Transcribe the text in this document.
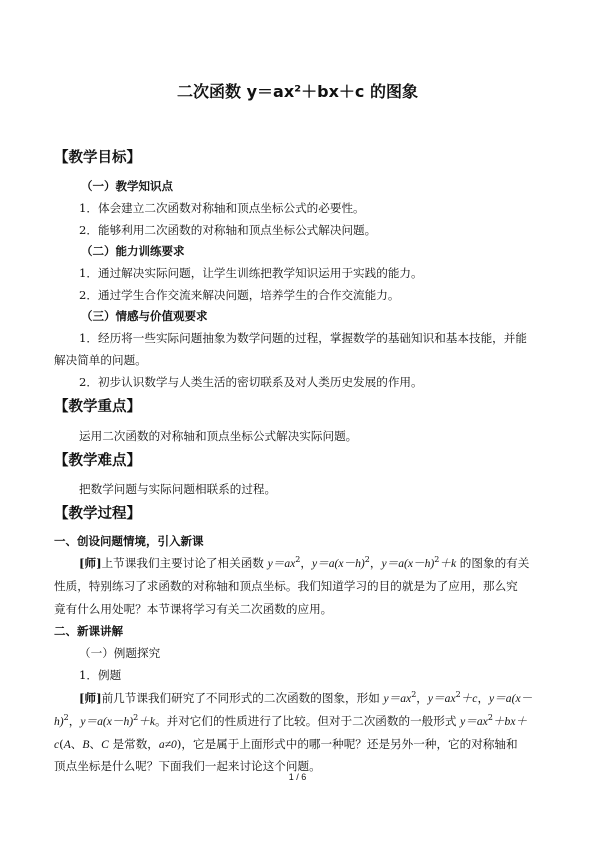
二次函数 y＝ax²＋bx＋c 的图象
【教学目标】
（一）教学知识点
1．体会建立二次函数对称轴和顶点坐标公式的必要性。
2．能够利用二次函数的对称轴和顶点坐标公式解决问题。
（二）能力训练要求
1．通过解决实际问题，让学生训练把教学知识运用于实践的能力。
2．通过学生合作交流来解决问题，培养学生的合作交流能力。
（三）情感与价值观要求
1．经历将一些实际问题抽象为数学问题的过程，掌握数学的基础知识和基本技能，并能
解决简单的问题。
2．初步认识数学与人类生活的密切联系及对人类历史发展的作用。
【教学重点】
运用二次函数的对称轴和顶点坐标公式解决实际问题。
【教学难点】
把数学问题与实际问题相联系的过程。
【教学过程】
一、创设问题情境，引入新课
[师]上节课我们主要讨论了相关函数 $y=ax^2$，$y=a(x-h)^2$，$y=a(x-h)^2+k$ 的图象的有关
性质，特别练习了求函数的对称轴和顶点坐标。我们知道学习的目的就是为了应用，那么究
竟有什么用处呢？本节课将学习有关二次函数的应用。
二、新课讲解
（一）例题探究
1．例题
[师]前几节课我们研究了不同形式的二次函数的图象，形如 $y=ax^2$，$y=ax^2+c$，y＝a(x－
h)$^2$，$y=a(x-h)^2+k$。并对它们的性质进行了比较。但对于二次函数的一般形式 $y=ax^2+bx+$
c(A、B、C 是常数，a≠0)，它是属于上面形式中的哪一种呢？还是另外一种，它的对称轴和
顶点坐标是什么呢？下面我们一起来讨论这个问题。
1 / 6
